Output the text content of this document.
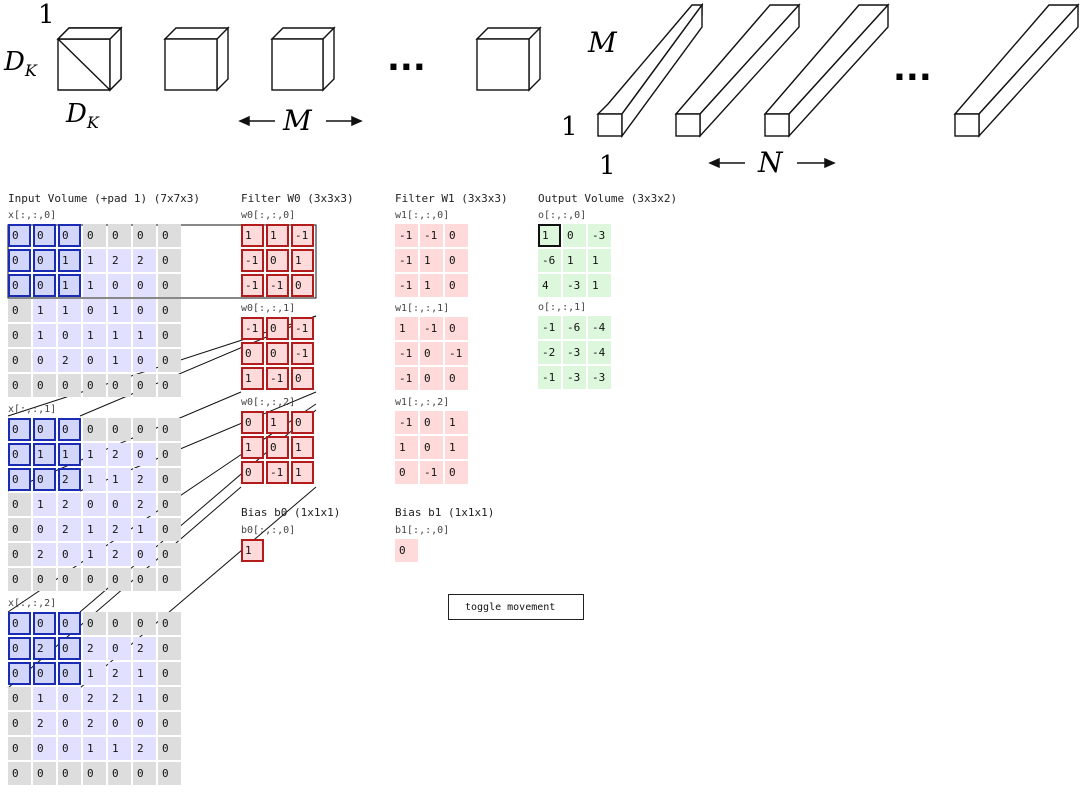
1
$D_K$
$D_K$	M
...	M
1
1	N
...
Input Volume (+pad 1) (7x7x3)	Filter W0 (3x3x3)	Filter W1 (3x3x3)	Output Volume (3x3x2)
x[:,:,0]
0	0	0	0	0	0	0
0	0	1	1	2	2	0
0	0	1	1	0	0	0
0	1	1	0	1	0	0
0	1	0	1	1	1	0
0	0	2	0	1	0	0
0	0	0	0	0	0	0
x[:,:,1]
0	0	0	0	0	0	0
0	1	1	1	2	0	0
0	0	2	1	1	2	0
0	1	2	0	0	2	0
0	0	2	1	2	1	0
0	2	0	1	2	0	0
0	0	0	0	0	0	0
x[:,:,2]
0	0	0	0	0	0	0
0	2	0	2	0	2	0
0	0	0	1	2	1	0
0	1	0	2	2	1	0
0	2	0	2	0	0	0
0	0	0	1	1	2	0
0	0	0	0	0	0	0
w0[:,:,0]
1	1	-1
-1	0	1
-1	-1	0
w0[:,:,1]
-1	0	-1
0	0	-1
1	-1	0
w0[:,:,2]
0	1	0
1	0	1
0	-1	1
w1[:,:,0]
-1	-1	0
-1	1	0
-1	1	0
w1[:,:,1]
1	-1	0
-1	0	-1
-1	0	0
w1[:,:,2]
-1	0	1
1	0	1
0	-1	0
o[:,:,0]
1	0	-3
-6	1	1
4	-3	1
o[:,:,1]
-1	-6	-4
-2	-3	-4
-1	-3	-3
Bias b0 (1x1x1)
b0[:,:,0]
1
Bias b1 (1x1x1)
b1[:,:,0]
0
toggle movement
